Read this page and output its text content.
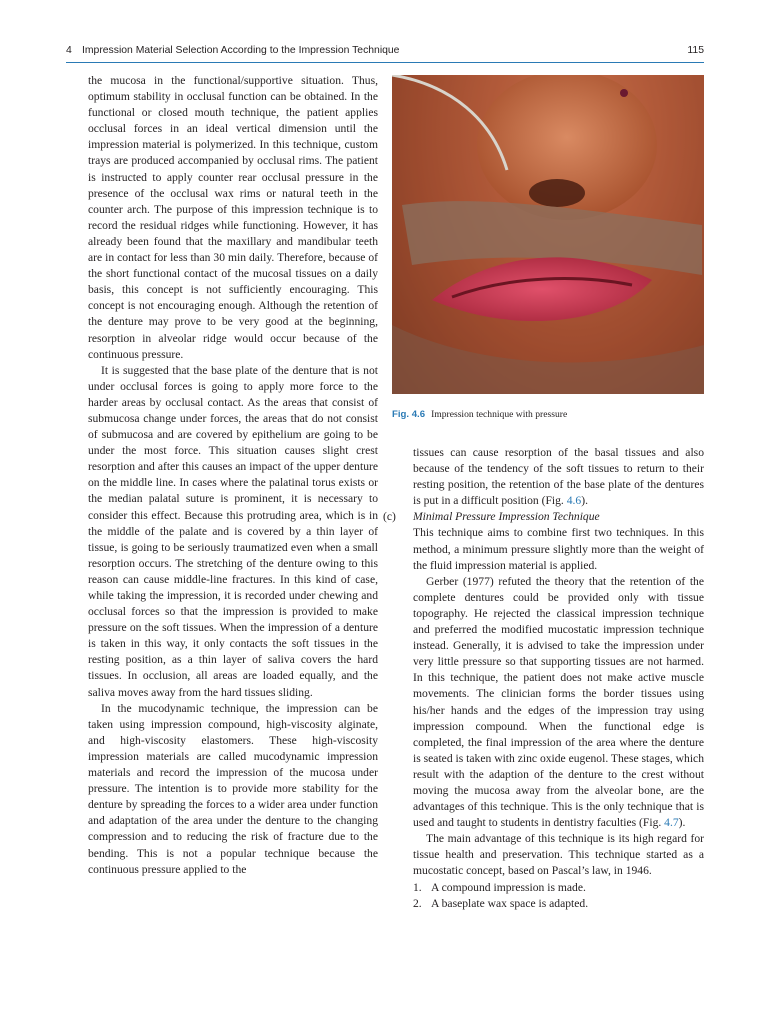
4 Impression Material Selection According to the Impression Technique	115

the mucosa in the functional/supportive situation. Thus, optimum stability in occlusal function can be obtained. In the functional or closed mouth technique, the patient applies occlusal forces in an ideal vertical dimension until the impression material is polymerized. In this technique, custom trays are produced accompanied by occlusal rims. The patient is instructed to apply counter rear occlusal pressure in the presence of the occlusal wax rims or natural teeth in the counter arch. The purpose of this impression technique is to record the residual ridges while functioning. However, it has already been found that the maxillary and mandibular teeth are in contact for less than 30 min daily. Therefore, because of the short functional contact of the mucosal tissues on a daily basis, this concept is not sufficiently encouraging. This concept is not encouraging enough. Although the retention of the denture may prove to be very good at the beginning, resorption in alveolar ridge would occur because of the continuous pressure.

It is suggested that the base plate of the denture that is not under occlusal forces is going to apply more force to the harder areas by occlusal contact. As the areas that consist of submucosa change under forces, the areas that do not consist of submucosa and are covered by epithelium are going to be under the most force. This situation causes slight crest resorption and after this causes an impact of the upper denture on the middle line. In cases where the palatinal torus exists or the median palatal suture is prominent, it is necessary to consider this effect. Because this protruding area, which is in the middle of the palate and is covered by a thin layer of tissue, is going to be seriously traumatized even when a small resorption occurs. The stretching of the denture owing to this reason can cause middle-line fractures. In this kind of case, while taking the impression, it is recorded under chewing and occlusal forces so that the impression is provided to make pressure on the soft tissues. When the impression of a denture is taken in this way, it only contacts the soft tissues in the resting position, as a thin layer of saliva covers the hard tissues. In occlusion, all areas are loaded equally, and the saliva moves away from the hard tissues sliding.

In the mucodynamic technique, the impression can be taken using impression compound, high-viscosity alginate, and high-viscosity elastomers. These high-viscosity impression materials are called mucodynamic impression materials and record the impression of the mucosa under pressure. The intention is to provide more stability for the denture by spreading the forces to a wider area under function and adaptation of the area under the denture to the changing compression and to reducing the risk of fracture due to the bending. This is not a popular technique because the continuous pressure applied to the

Fig. 4.6 Impression technique with pressure

tissues can cause resorption of the basal tissues and also because of the tendency of the soft tissues to return to their resting position, the retention of the base plate of the dentures is put in a difficult position (Fig. 4.6).

(c) Minimal Pressure Impression Technique

This technique aims to combine first two techniques. In this method, a minimum pressure slightly more than the weight of the fluid impression material is applied.

Gerber (1977) refuted the theory that the retention of the complete dentures could be provided only with tissue topography. He rejected the classical impression technique and preferred the modified mucostatic impression technique instead. Generally, it is advised to take the impression under very little pressure so that supporting tissues are not harmed. In this technique, the patient does not make active muscle movements. The clinician forms the border tissues using his/her hands and the edges of the impression tray using impression compound. When the functional edge is completed, the final impression of the area where the denture is seated is taken with zinc oxide eugenol. These stages, which result with the adaption of the denture to the crest without moving the mucosa away from the alveolar bone, are the advantages of this technique. This is the only technique that is used and taught to students in dentistry faculties (Fig. 4.7).

The main advantage of this technique is its high regard for tissue health and preservation. This technique started as a mucostatic concept, based on Pascal’s law, in 1946.

1. A compound impression is made.

2. A baseplate wax space is adapted.
